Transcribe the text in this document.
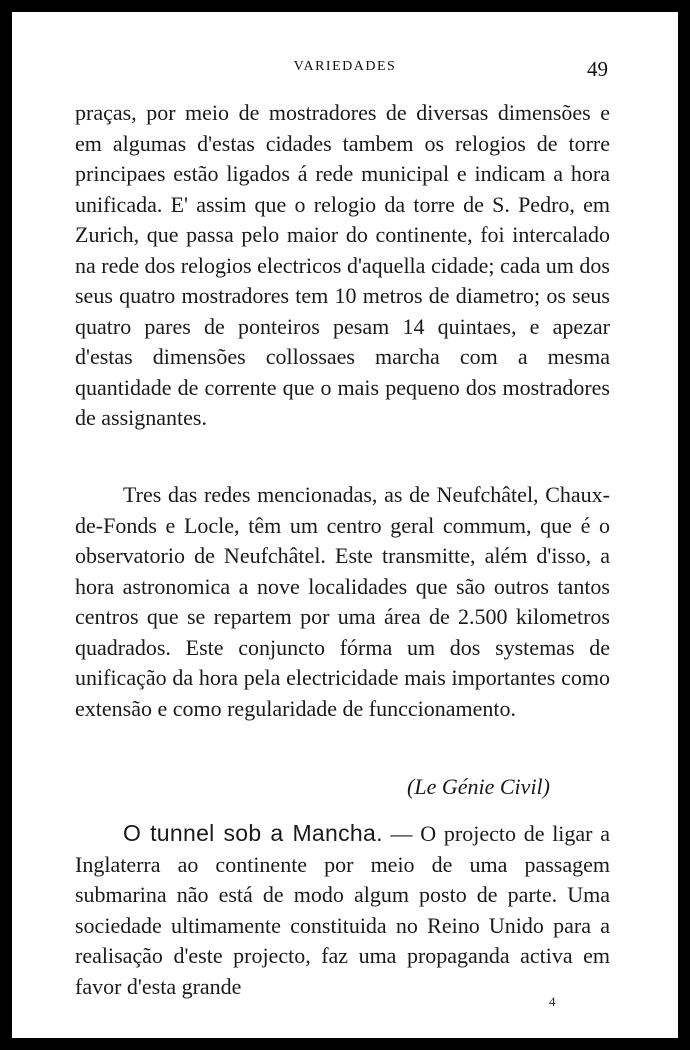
VARIEDADES	49

praças, por meio de mostradores de diversas dimensões e em algumas d'estas cidades tambem os relogios de torre principaes estão ligados á rede municipal e indicam a hora unificada. E' assim que o relogio da torre de S. Pedro, em Zurich, que passa pelo maior do continente, foi intercalado na rede dos relogios electricos d'aquella cidade; cada um dos seus quatro mostradores tem 10 metros de diametro; os seus quatro pares de ponteiros pesam 14 quintaes, e apezar d'estas dimensões collossaes marcha com a mesma quantidade de corrente que o mais pequeno dos mostradores de assignantes.

Tres das redes mencionadas, as de Neufchâtel, Chaux-de-Fonds e Locle, têm um centro geral commum, que é o observatorio de Neufchâtel. Este transmitte, além d'isso, a hora astronomica a nove localidades que são outros tantos centros que se repartem por uma área de 2.500 kilometros quadrados. Este conjuncto fórma um dos systemas de unificação da hora pela electricidade mais importantes como extensão e como regularidade de funccionamento.

(Le Génie Civil)

O tunnel sob a Mancha. — O projecto de ligar a Inglaterra ao continente por meio de uma passagem submarina não está de modo algum posto de parte. Uma sociedade ultimamente constituida no Reino Unido para a realisação d'este projecto, faz uma propaganda activa em favor d'esta grande

4
